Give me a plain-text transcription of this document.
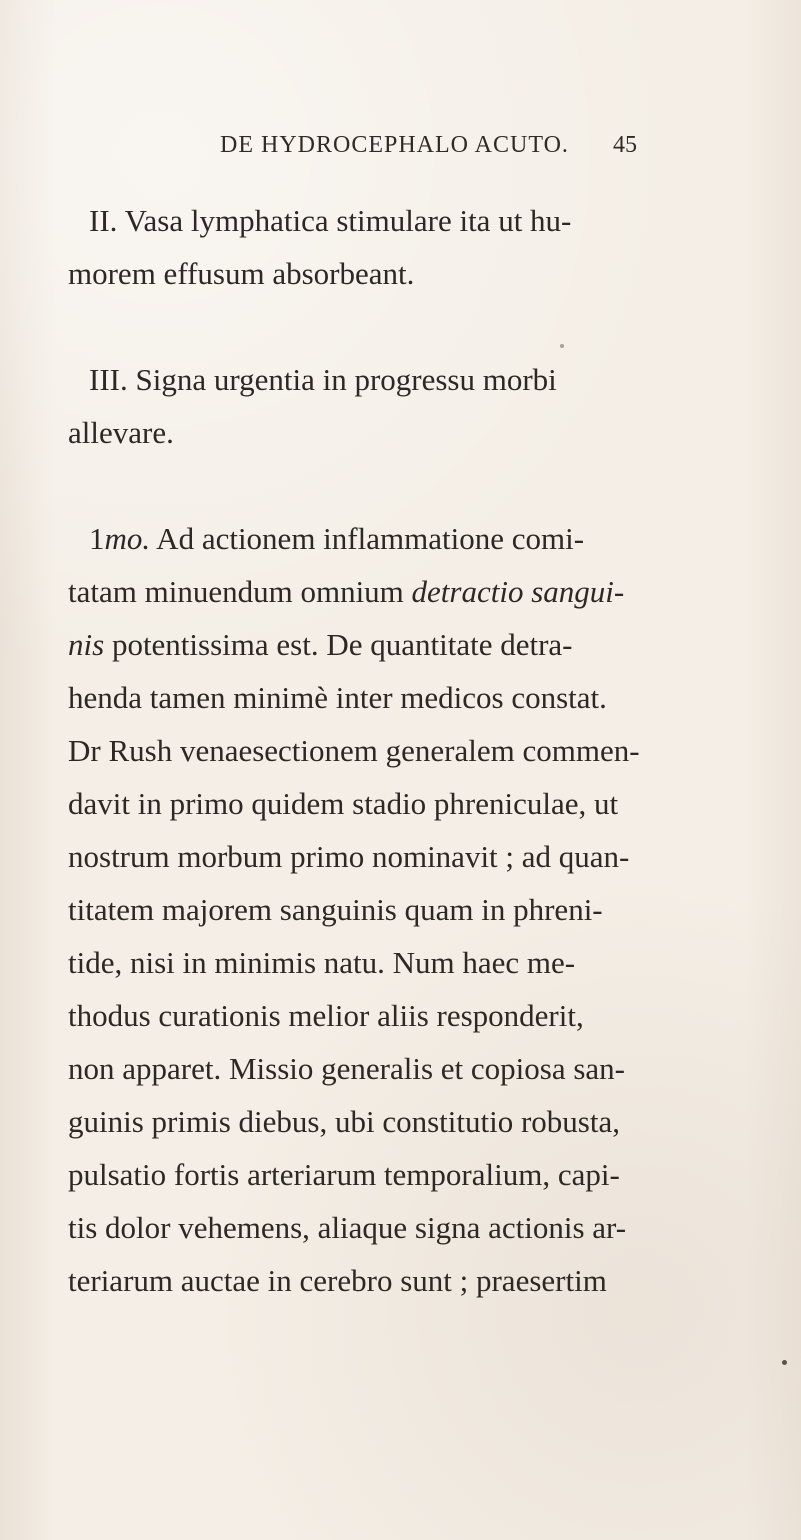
DE HYDROCEPHALO ACUTO. 45
II. Vasa lymphatica stimulare ita ut hu-
morem effusum absorbeant.
III. Signa urgentia in progressu morbi
allevare.
1mo. Ad actionem inflammatione comi-
tatam minuendum omnium detractio sangui-
nis potentissima est. De quantitate detra-
henda tamen minimè inter medicos constat.
Dr Rush venaesectionem generalem commen-
davit in primo quidem stadio phreniculae, ut
nostrum morbum primo nominavit ; ad quan-
titatem majorem sanguinis quam in phreni-
tide, nisi in minimis natu. Num haec me-
thodus curationis melior aliis responderit,
non apparet. Missio generalis et copiosa san-
guinis primis diebus, ubi constitutio robusta,
pulsatio fortis arteriarum temporalium, capi-
tis dolor vehemens, aliaque signa actionis ar-
teriarum auctae in cerebro sunt ; praesertim
